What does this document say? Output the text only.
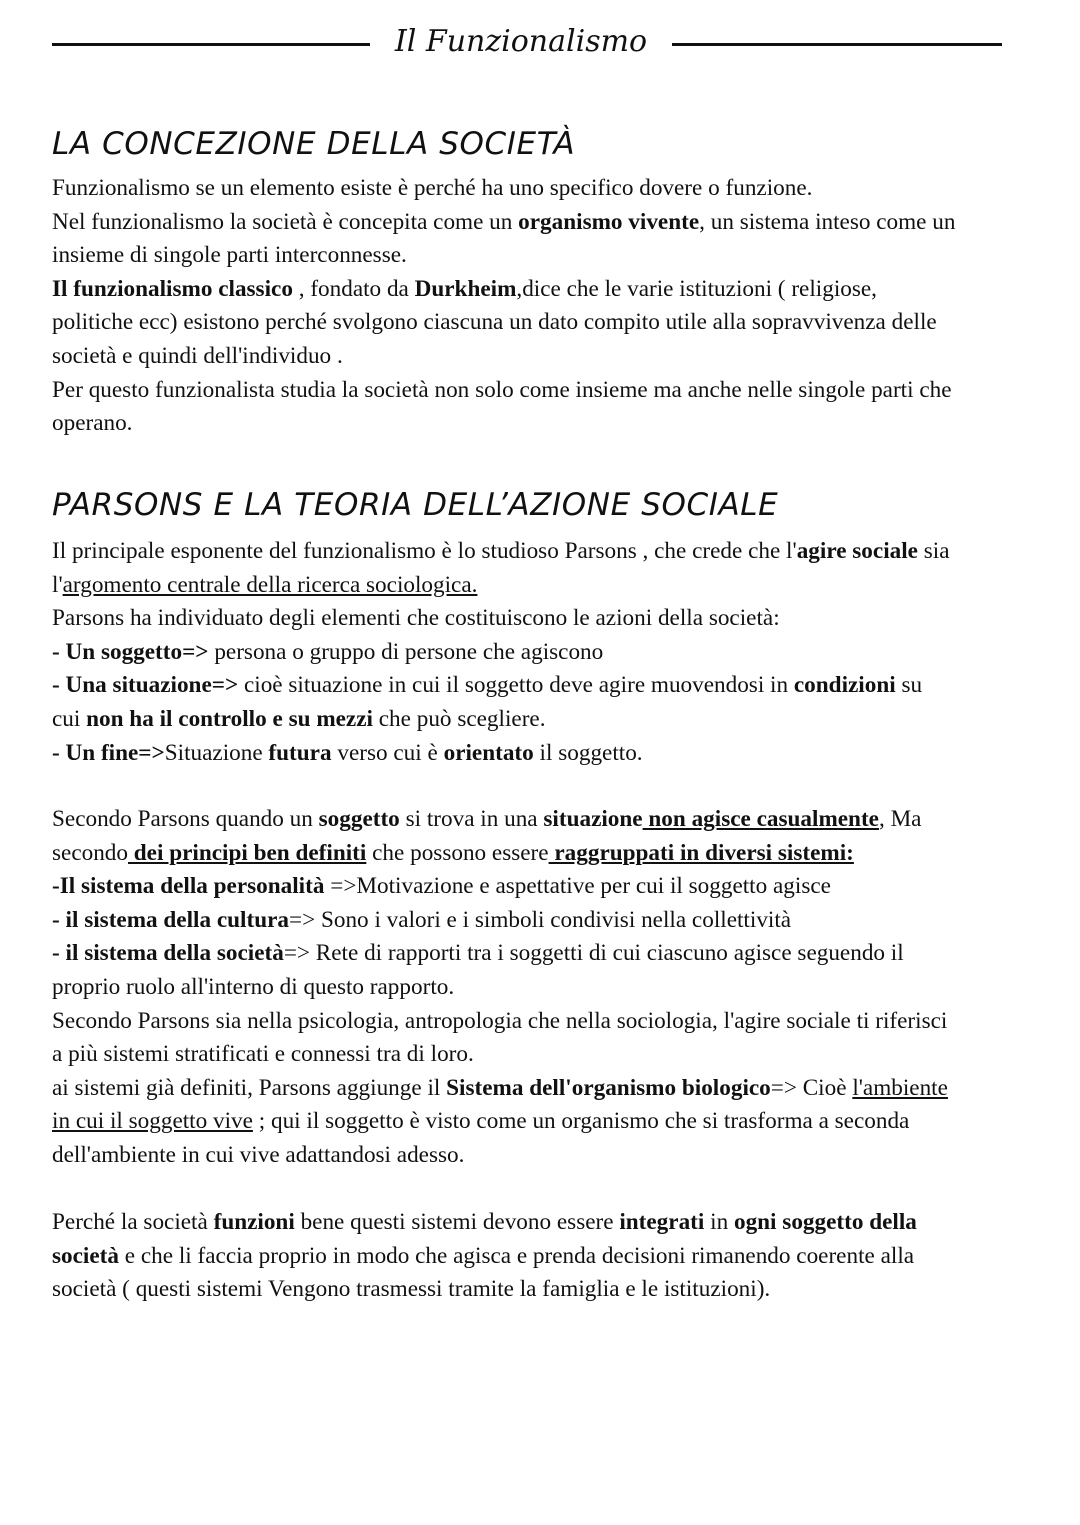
Il Funzionalismo
LA CONCEZIONE DELLA SOCIETÀ

Funzionalismo se un elemento esiste è perché ha uno specifico dovere o funzione.

Nel funzionalismo la società è concepita come un organismo vivente, un sistema inteso come un

insieme di singole parti interconnesse.

Il funzionalismo classico , fondato da Durkheim,dice che le varie istituzioni ( religiose,

politiche ecc) esistono perché svolgono ciascuna un dato compito utile alla sopravvivenza delle

società e quindi dell'individuo .

Per questo funzionalista studia la società non solo come insieme ma anche nelle singole parti che

operano.

PARSONS E LA TEORIA DELL’AZIONE SOCIALE

Il principale esponente del funzionalismo è lo studioso Parsons , che crede che l'agire sociale sia

l'argomento centrale della ricerca sociologica.

Parsons ha individuato degli elementi che costituiscono le azioni della società:

- Un soggetto=> persona o gruppo di persone che agiscono

- Una situazione=> cioè situazione in cui il soggetto deve agire muovendosi in condizioni su

cui non ha il controllo e su mezzi che può scegliere.

- Un fine=>Situazione futura verso cui è orientato il soggetto.

Secondo Parsons quando un soggetto si trova in una situazione non agisce casualmente, Ma

secondo dei principi ben definiti che possono essere raggruppati in diversi sistemi:

-Il sistema della personalità =>Motivazione e aspettative per cui il soggetto agisce

- il sistema della cultura=> Sono i valori e i simboli condivisi nella collettività

- il sistema della società=> Rete di rapporti tra i soggetti di cui ciascuno agisce seguendo il

proprio ruolo all'interno di questo rapporto.

Secondo Parsons sia nella psicologia, antropologia che nella sociologia, l'agire sociale ti riferisci

a più sistemi stratificati e connessi tra di loro.

ai sistemi già definiti, Parsons aggiunge il Sistema dell'organismo biologico=> Cioè l'ambiente

in cui il soggetto vive ; qui il soggetto è visto come un organismo che si trasforma a seconda

dell'ambiente in cui vive adattandosi adesso.

Perché la società funzioni bene questi sistemi devono essere integrati in ogni soggetto della

società e che li faccia proprio in modo che agisca e prenda decisioni rimanendo coerente alla

società ( questi sistemi Vengono trasmessi tramite la famiglia e le istituzioni).
